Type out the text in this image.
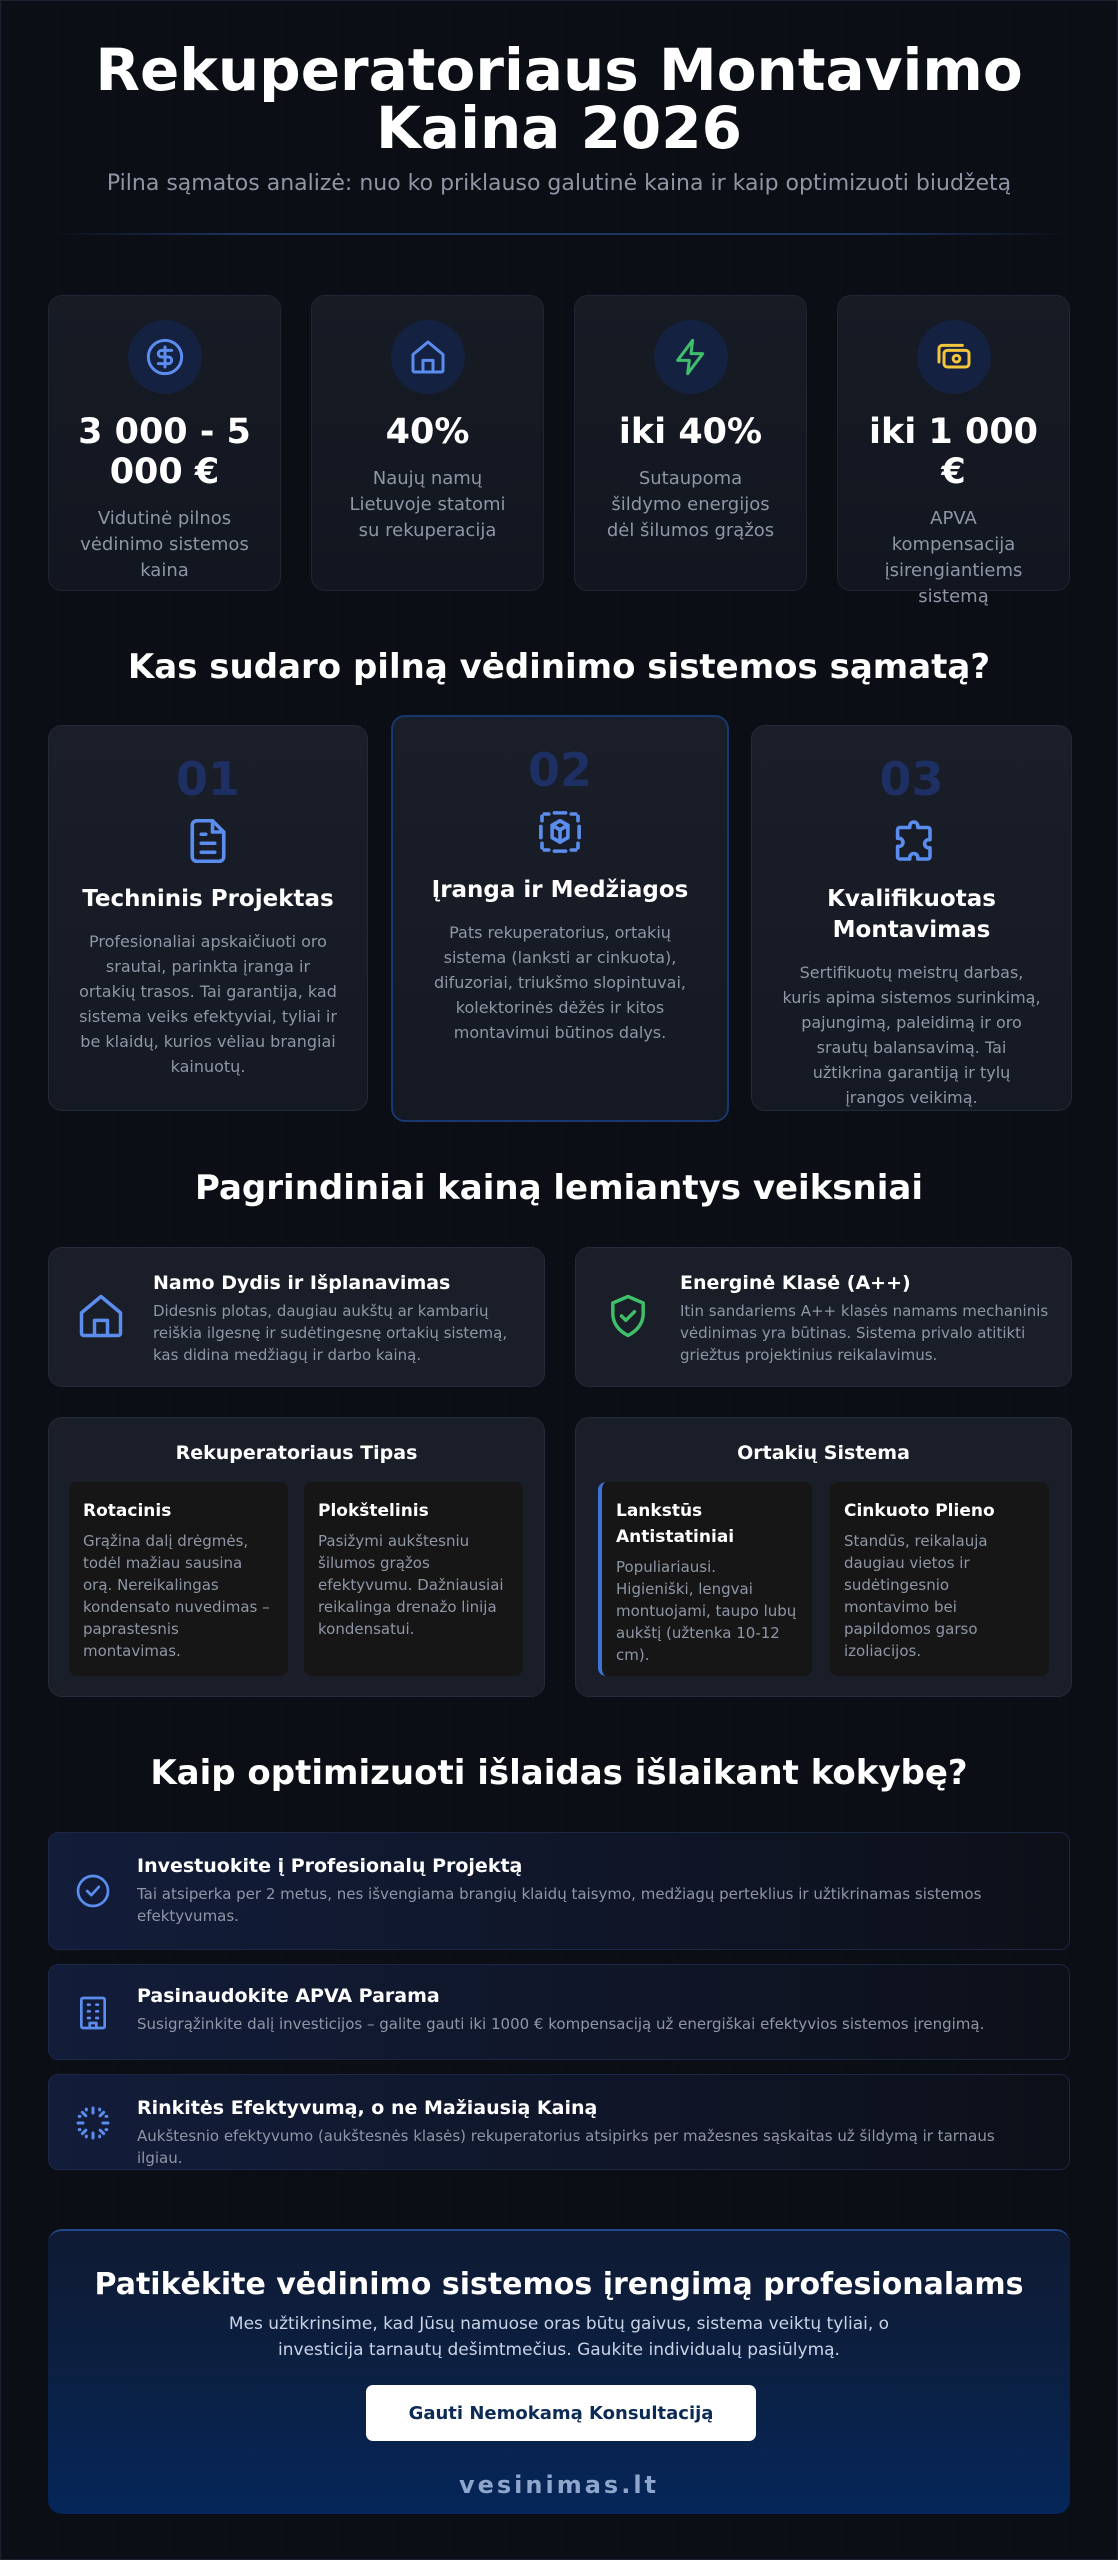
Rekuperatoriaus Montavimo
Kaina 2026
Pilna sąmatos analizė: nuo ko priklauso galutinė kaina ir kaip optimizuoti biudžetą
3 000 - 5 000 €
Vidutinė pilnos vėdinimo sistemos kaina
40%
Naujų namų Lietuvoje statomi su rekuperacija
iki 40%
Sutaupoma šildymo energijos dėl šilumos grąžos
iki 1 000 €
APVA kompensacija įsirengiantiems sistemą
Kas sudaro pilną vėdinimo sistemos sąmatą?
01
Techninis Projektas
Profesionaliai apskaičiuoti oro srautai, parinkta įranga ir ortakių trasos. Tai garantija, kad sistema veiks efektyviai, tyliai ir be klaidų, kurios vėliau brangiai kainuotų.
02
Įranga ir Medžiagos
Pats rekuperatorius, ortakių sistema (lanksti ar cinkuota), difuzoriai, triukšmo slopintuvai, kolektorinės dėžės ir kitos montavimui būtinos dalys.
03
Kvalifikuotas Montavimas
Sertifikuotų meistrų darbas, kuris apima sistemos surinkimą, pajungimą, paleidimą ir oro srautų balansavimą. Tai užtikrina garantiją ir tylų įrangos veikimą.
Pagrindiniai kainą lemiantys veiksniai
Namo Dydis ir Išplanavimas
Didesnis plotas, daugiau aukštų ar kambarių reiškia ilgesnę ir sudėtingesnę ortakių sistemą, kas didina medžiagų ir darbo kainą.
Energinė Klasė (A++)
Itin sandariems A++ klasės namams mechaninis vėdinimas yra būtinas. Sistema privalo atitikti griežtus projektinius reikalavimus.
Rekuperatoriaus Tipas
Rotacinis
Grąžina dalį drėgmės, todėl mažiau sausina orą. Nereikalingas kondensato nuvedimas – paprastesnis montavimas.
Plokštelinis
Pasižymi aukštesniu šilumos grąžos efektyvumu. Dažniausiai reikalinga drenažo linija kondensatui.
Ortakių Sistema
Lankstūs Antistatiniai
Populiariausi. Higieniški, lengvai montuojami, taupo lubų aukštį (užtenka 10-12 cm).
Cinkuoto Plieno
Standūs, reikalauja daugiau vietos ir sudėtingesnio montavimo bei papildomos garso izoliacijos.
Kaip optimizuoti išlaidas išlaikant kokybę?
Investuokite į Profesionalų Projektą
Tai atsiperka per 2 metus, nes išvengiama brangių klaidų taisymo, medžiagų perteklius ir užtikrinamas sistemos efektyvumas.
Pasinaudokite APVA Parama
Susigrąžinkite dalį investicijos – galite gauti iki 1000 € kompensaciją už energiškai efektyvios sistemos įrengimą.
Rinkitės Efektyvumą, o ne Mažiausią Kainą
Aukštesnio efektyvumo (aukštesnės klasės) rekuperatorius atsipirks per mažesnes sąskaitas už šildymą ir tarnaus ilgiau.
Patikėkite vėdinimo sistemos įrengimą profesionalams
Mes užtikrinsime, kad Jūsų namuose oras būtų gaivus, sistema veiktų tyliai, o investicija tarnautų dešimtmečius. Gaukite individualų pasiūlymą.
Gauti Nemokamą Konsultaciją
vesinimas.lt
